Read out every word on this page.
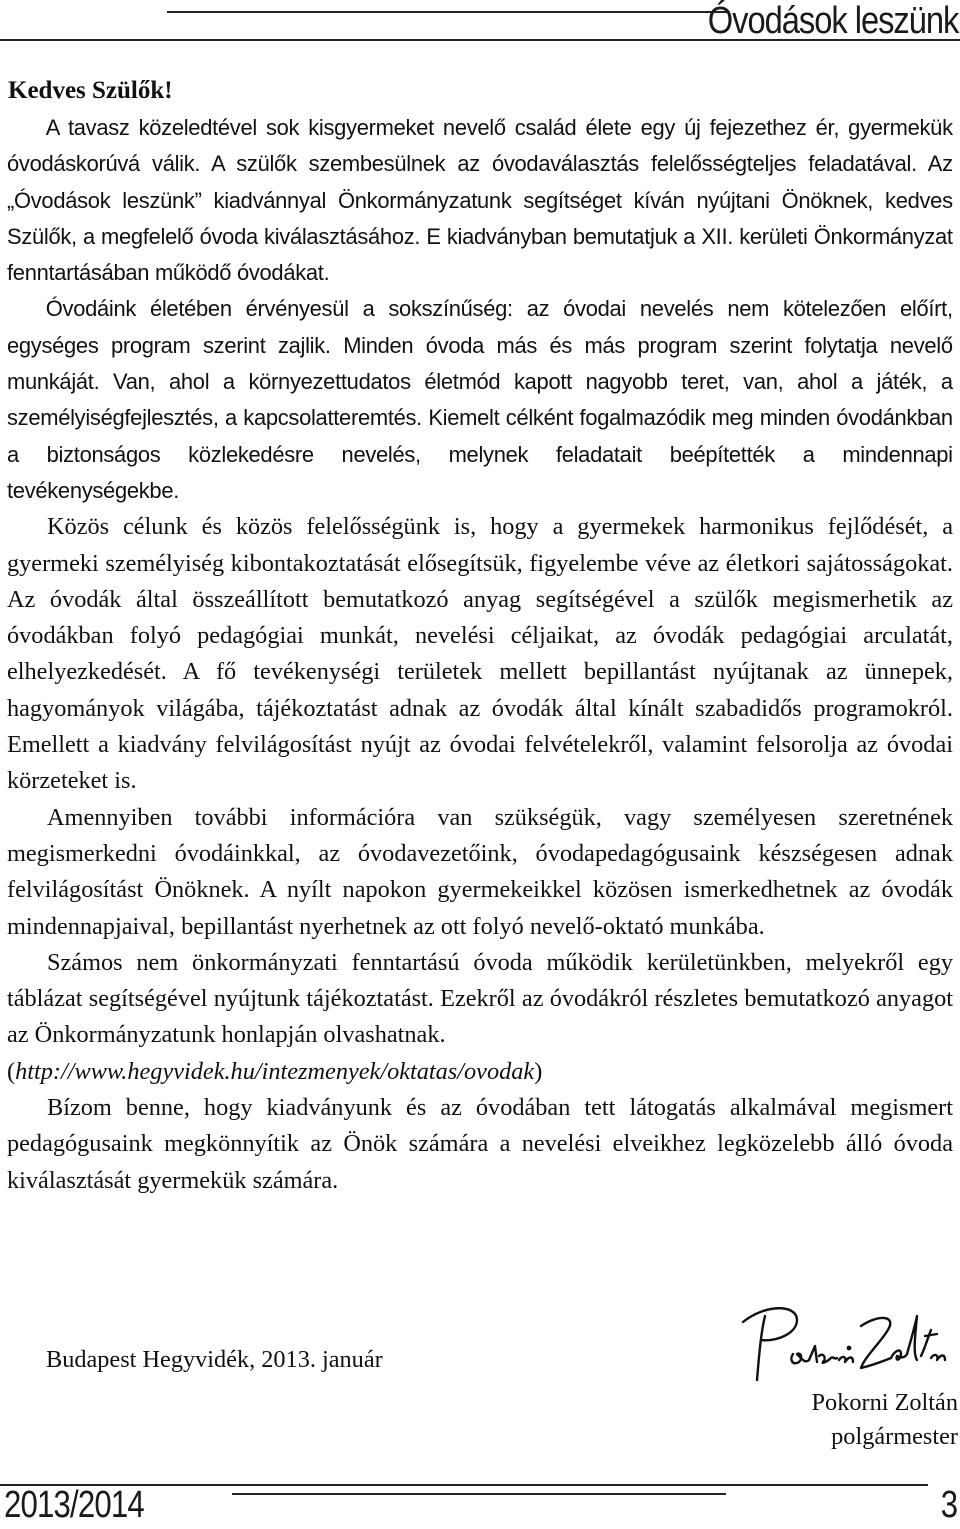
Óvodások leszünk
Kedves Szülők!

A tavasz közeledtével sok kisgyermeket nevelő család élete egy új fejezethez ér, gyermekük óvodáskorúvá válik. A szülők szembesülnek az óvodaválasztás felelősségteljes feladatával. Az „Óvodások leszünk” kiadvánnyal Önkormányzatunk segítséget kíván nyújtani Önöknek, kedves Szülők, a megfelelő óvoda kiválasztásához. E kiadványban bemutatjuk a XII. kerületi Önkormányzat fenntartásában működő óvodákat.

Óvodáink életében érvényesül a sokszínűség: az óvodai nevelés nem kötelezően előírt, egységes program szerint zajlik. Minden óvoda más és más program szerint folytatja nevelő munkáját. Van, ahol a környezettudatos életmód kapott nagyobb teret, van, ahol a játék, a személyiségfejlesztés, a kapcsolatteremtés. Kiemelt célként fogalmazódik meg minden óvodánkban a biztonságos közlekedésre nevelés, melynek feladatait beépítették a mindennapi tevékenységekbe.

Közös célunk és közös felelősségünk is, hogy a gyermekek harmonikus fejlődését, a gyermeki személyiség kibontakoztatását elősegítsük, figyelembe véve az életkori sajátosságokat. Az óvodák által összeállított bemutatkozó anyag segítségével a szülők megismerhetik az óvodákban folyó pedagógiai munkát, nevelési céljaikat, az óvodák pedagógiai arculatát, elhelyezkedését. A fő tevékenységi területek mellett bepillantást nyújtanak az ünnepek, hagyományok világába, tájékoztatást adnak az óvodák által kínált szabadidős programokról. Emellett a kiadvány felvilágosítást nyújt az óvodai felvételekről, valamint felsorolja az óvodai körzeteket is.

Amennyiben további információra van szükségük, vagy személyesen szeretnének megismerkedni óvodáinkkal, az óvodavezetőink, óvodapedagógusaink készségesen adnak felvilágosítást Önöknek. A nyílt napokon gyermekeikkel közösen ismerkedhetnek az óvodák mindennapjaival, bepillantást nyerhetnek az ott folyó nevelő-oktató munkába.

Számos nem önkormányzati fenntartású óvoda működik kerületünkben, melyekről egy táblázat segítségével nyújtunk tájékoztatást. Ezekről az óvodákról részletes bemutatkozó anyagot az Önkormányzatunk honlapján olvashatnak.

(http://www.hegyvidek.hu/intezmenyek/oktatas/ovodak)

Bízom benne, hogy kiadványunk és az óvodában tett látogatás alkalmával megismert pedagógusaink megkönnyítik az Önök számára a nevelési elveikhez legközelebb álló óvoda kiválasztását gyermekük számára.

Budapest Hegyvidék, 2013. január
Pokorni Zoltán
polgármester
2013/2014	3
